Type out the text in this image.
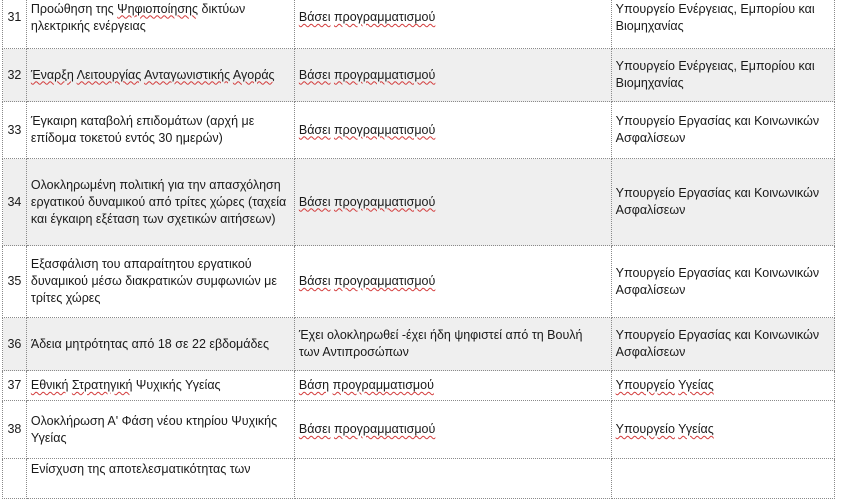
31	Προώθηση της Ψηφιοποίησης δικτύων ηλεκτρικής ενέργειας	Βάσει προγραμματισμού	Υπουργείο Ενέργειας, Εμπορίου και Βιομηχανίας
32	Έναρξη Λειτουργίας Ανταγωνιστικής Αγοράς	Βάσει προγραμματισμού	Υπουργείο Ενέργειας, Εμπορίου και Βιομηχανίας
33	Έγκαιρη καταβολή επιδομάτων (αρχή με επίδομα τοκετού εντός 30 ημερών)	Βάσει προγραμματισμού	Υπουργείο Εργασίας και Κοινωνικών Ασφαλίσεων
34	Ολοκληρωμένη πολιτική για την απασχόληση εργατικού δυναμικού από τρίτες χώρες (ταχεία και έγκαιρη εξέταση των σχετικών αιτήσεων)	Βάσει προγραμματισμού	Υπουργείο Εργασίας και Κοινωνικών Ασφαλίσεων
35	Εξασφάλιση του απαραίτητου εργατικού δυναμικού μέσω διακρατικών συμφωνιών με τρίτες χώρες	Βάσει προγραμματισμού	Υπουργείο Εργασίας και Κοινωνικών Ασφαλίσεων
36	Άδεια μητρότητας από 18 σε 22 εβδομάδες	Έχει ολοκληρωθεί -έχει ήδη ψηφιστεί από τη Βουλή των Αντιπροσώπων	Υπουργείο Εργασίας και Κοινωνικών Ασφαλίσεων
37	Εθνική Στρατηγική Ψυχικής Υγείας	Βάση προγραμματισμού	Υπουργείο Υγείας
38	Ολοκλήρωση Α' Φάση νέου κτηρίου Ψυχικής Υγείας	Βάσει προγραμματισμού	Υπουργείο Υγείας
	Ενίσχυση της αποτελεσματικότητας των		
